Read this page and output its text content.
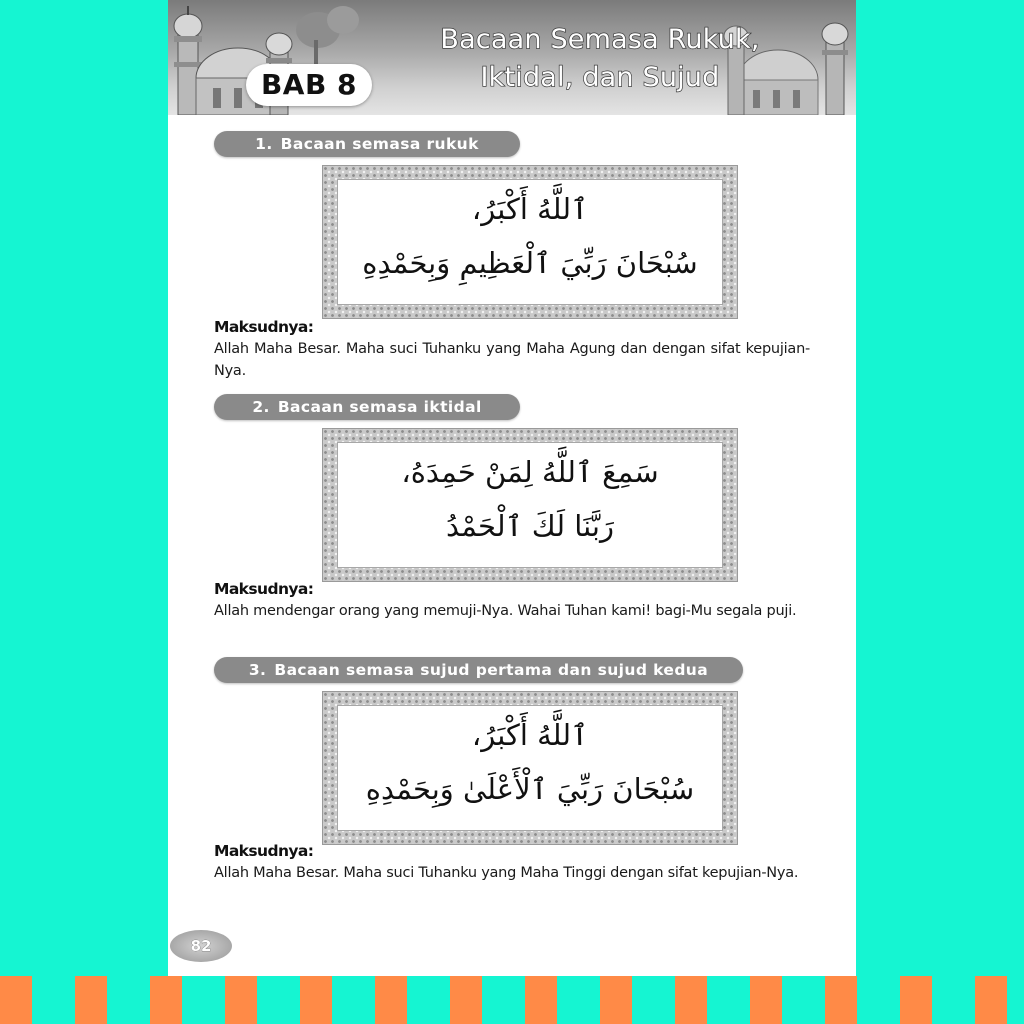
BAB 8
Bacaan Semasa Rukuk,
Iktidal, dan Sujud
1. Bacaan semasa rukuk
ٱللَّهُ أَكْبَرُ،
سُبْحَانَ رَبِّيَ ٱلْعَظِيمِ وَبِحَمْدِهِ
Maksudnya:
Allah Maha Besar. Maha suci Tuhanku yang Maha Agung dan dengan sifat kepujian-Nya.
2. Bacaan semasa iktidal
سَمِعَ ٱللَّهُ لِمَنْ حَمِدَهُ،
رَبَّنَا لَكَ ٱلْحَمْدُ
Maksudnya:
Allah mendengar orang yang memuji-Nya. Wahai Tuhan kami! bagi-Mu segala puji.
3. Bacaan semasa sujud pertama dan sujud kedua
ٱللَّهُ أَكْبَرُ،
سُبْحَانَ رَبِّيَ ٱلْأَعْلَىٰ وَبِحَمْدِهِ
Maksudnya:
Allah Maha Besar. Maha suci Tuhanku yang Maha Tinggi dengan sifat kepujian-Nya.
82
